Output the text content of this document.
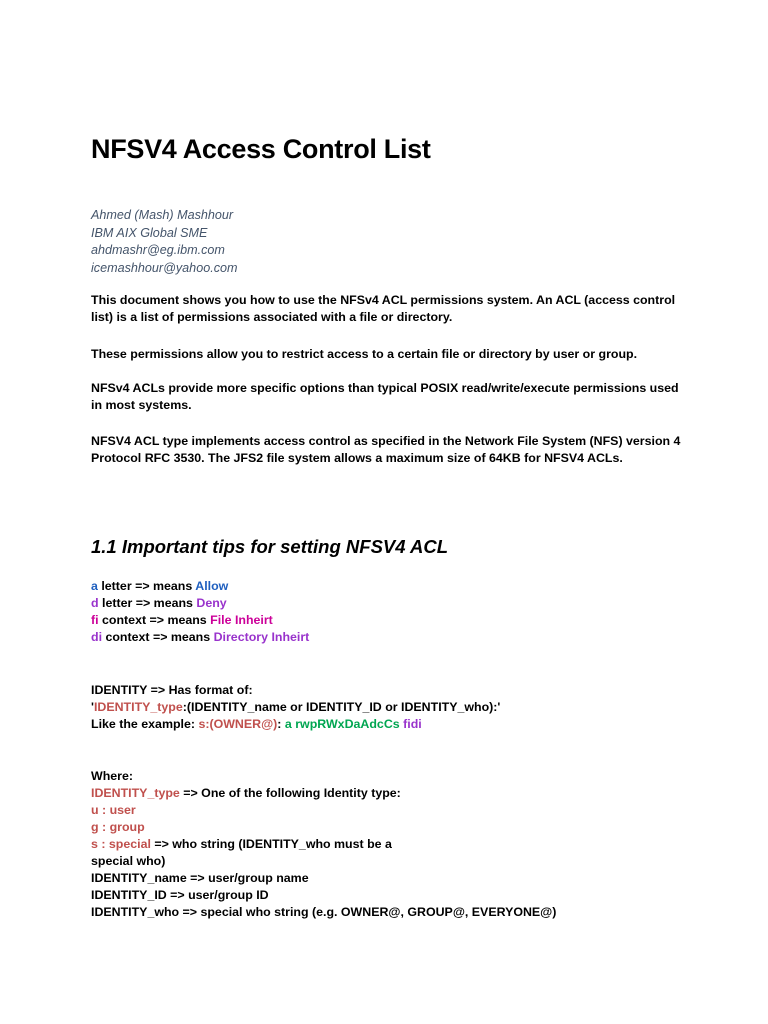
NFSV4 Access Control List
Ahmed (Mash) Mashhour
IBM AIX Global SME
ahdmashr@eg.ibm.com
icemashhour@yahoo.com

This document shows you how to use the NFSv4 ACL permissions system. An ACL (access control list) is a list of permissions associated with a file or directory.

These permissions allow you to restrict access to a certain file or directory by user or group.

NFSv4 ACLs provide more specific options than typical POSIX read/write/execute permissions used in most systems.

NFSV4 ACL type implements access control as specified in the Network File System (NFS) version 4 Protocol RFC 3530. The JFS2 file system allows a maximum size of 64KB for NFSV4 ACLs.

1.1 Important tips for setting NFSV4 ACL
a letter => means Allow
d letter => means Deny
fi context => means File Inheirt
di context => means Directory Inheirt
IDENTITY => Has format of:
'IDENTITY_type:(IDENTITY_name or IDENTITY_ID or IDENTITY_who):'
Like the example: s:(OWNER@): a rwpRWxDaAdcCs fidi
Where:
IDENTITY_type => One of the following Identity type:
u : user
g : group
s : special => who string (IDENTITY_who must be a
special who)
IDENTITY_name => user/group name
IDENTITY_ID => user/group ID
IDENTITY_who => special who string (e.g. OWNER@, GROUP@, EVERYONE@)
